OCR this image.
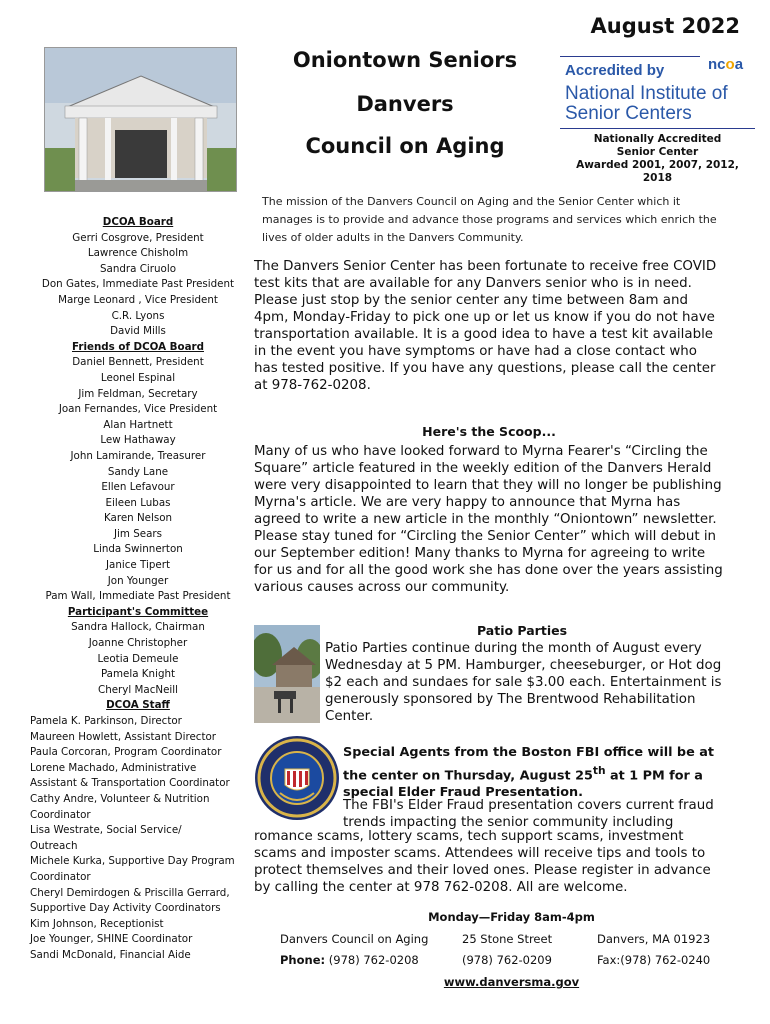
Oniontown Seniors
Danvers
Council on Aging
August 2022
Accredited by	ncoa
National Institute of
Senior Centers
Nationally Accredited
Senior Center
Awarded 2001, 2007, 2012,
2018
The mission of the Danvers Council on Aging and the Senior Center which it manages is to provide and advance those programs and services which enrich the lives of older adults in the Danvers Community.
DCOA Board
Gerri Cosgrove, President
Lawrence Chisholm
Sandra Ciruolo
Don Gates, Immediate Past President
Marge Leonard , Vice President
C.R. Lyons
David Mills
Friends of DCOA Board
Daniel Bennett, President
Leonel Espinal
Jim Feldman, Secretary
Joan Fernandes, Vice President
Alan Hartnett
Lew Hathaway
John Lamirande, Treasurer
Sandy Lane
Ellen Lefavour
Eileen Lubas
Karen Nelson
Jim Sears
Linda Swinnerton
Janice Tipert
Jon Younger
Pam Wall, Immediate Past President
Participant's Committee
Sandra Hallock, Chairman
Joanne Christopher
Leotia Demeule
Pamela Knight
Cheryl MacNeill
DCOA Staff
Pamela K. Parkinson, Director
Maureen Howlett, Assistant Director
Paula Corcoran, Program Coordinator
Lorene Machado, Administrative
Assistant & Transportation Coordinator
Cathy Andre, Volunteer & Nutrition
Coordinator
Lisa Westrate, Social Service/
Outreach
Michele Kurka, Supportive Day Program
Coordinator
Cheryl Demirdogen & Priscilla Gerrard,
Supportive Day Activity Coordinators
Kim Johnson, Receptionist
Joe Younger, SHINE Coordinator
Sandi McDonald, Financial Aide
The Danvers Senior Center has been fortunate to receive free COVID test kits that are available for any Danvers senior who is in need. Please just stop by the senior center any time between 8am and 4pm, Monday-Friday to pick one up or let us know if you do not have transportation available. It is a good idea to have a test kit available in the event you have symptoms or have had a close contact who has tested positive. If you have any questions, please call the center at 978-762-0208.
Here's the Scoop...
Many of us who have looked forward to Myrna Fearer's “Circling the Square” article featured in the weekly edition of the Danvers Herald were very disappointed to learn that they will no longer be publishing Myrna's article. We are very happy to announce that Myrna has agreed to write a new article in the monthly “Oniontown” newsletter. Please stay tuned for “Circling the Senior Center” which will debut in our September edition! Many thanks to Myrna for agreeing to write for us and for all the good work she has done over the years assisting various causes across our community.
Patio Parties
Patio Parties continue during the month of August every Wednesday at 5 PM. Hamburger, cheeseburger, or Hot dog $2 each and sundaes for sale $3.00 each. Entertainment is generously sponsored by The Brentwood Rehabilitation Center.
Special Agents from the Boston FBI office will be at the center on Thursday, August 25th at 1 PM for a special Elder Fraud Presentation.
The FBI's Elder Fraud presentation covers current fraud trends impacting the senior community including
romance scams, lottery scams, tech support scams, investment scams and imposter scams. Attendees will receive tips and tools to protect themselves and their loved ones. Please register in advance by calling the center at 978 762-0208. All are welcome.
Monday—Friday 8am-4pm
Danvers Council on Aging	25 Stone Street	Danvers, MA 01923
Phone: (978) 762-0208	(978) 762-0209	Fax:(978) 762-0240
www.danversma.gov
